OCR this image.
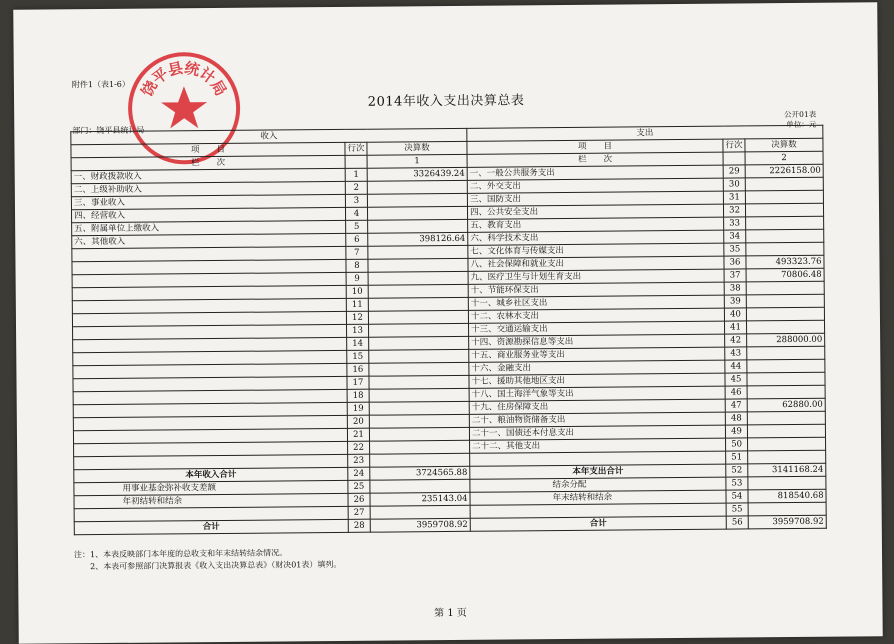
附件1（表1-6）
部门：饶平县统计局
2014年收入支出决算总表
公开01表
单位：元
饶
平
县
统
计
局
收入			支出		
项　　目	行次	决算数	项　　目	行次	决算数
栏　　次		1	栏　　次		2
一、财政拨款收入	1	3326439.24	一、一般公共服务支出	29	2226158.00
二、上级补助收入	2		二、外交支出	30	
三、事业收入	3		三、国防支出	31	
四、经营收入	4		四、公共安全支出	32	
五、附属单位上缴收入	5		五、教育支出	33	
六、其他收入	6	398126.64	六、科学技术支出	34	
	7		七、文化体育与传媒支出	35	
	8		八、社会保障和就业支出	36	493323.76
	9		九、医疗卫生与计划生育支出	37	70806.48
	10		十、节能环保支出	38	
	11		十一、城乡社区支出	39	
	12		十二、农林水支出	40	
	13		十三、交通运输支出	41	
	14		十四、资源勘探信息等支出	42	288000.00
	15		十五、商业服务业等支出	43	
	16		十六、金融支出	44	
	17		十七、援助其他地区支出	45	
	18		十八、国土海洋气象等支出	46	
	19		十九、住房保障支出	47	62880.00
	20		二十、粮油物资储备支出	48	
	21		二十一、国债还本付息支出	49	
	22		二十二、其他支出	50	
	23			51	
本年收入合计	24	3724565.88	本年支出合计	52	3141168.24
用事业基金弥补收支差额	25		结余分配	53	
年初结转和结余	26	235143.04	年末结转和结余	54	818540.68
	27			55	
合计	28	3959708.92	合计	56	3959708.92
注：1、本表反映部门本年度的总收支和年末结转结余情况。
　　2、本表可参照部门决算报表《收入支出决算总表》（财决01表）填列。
第 1 页
